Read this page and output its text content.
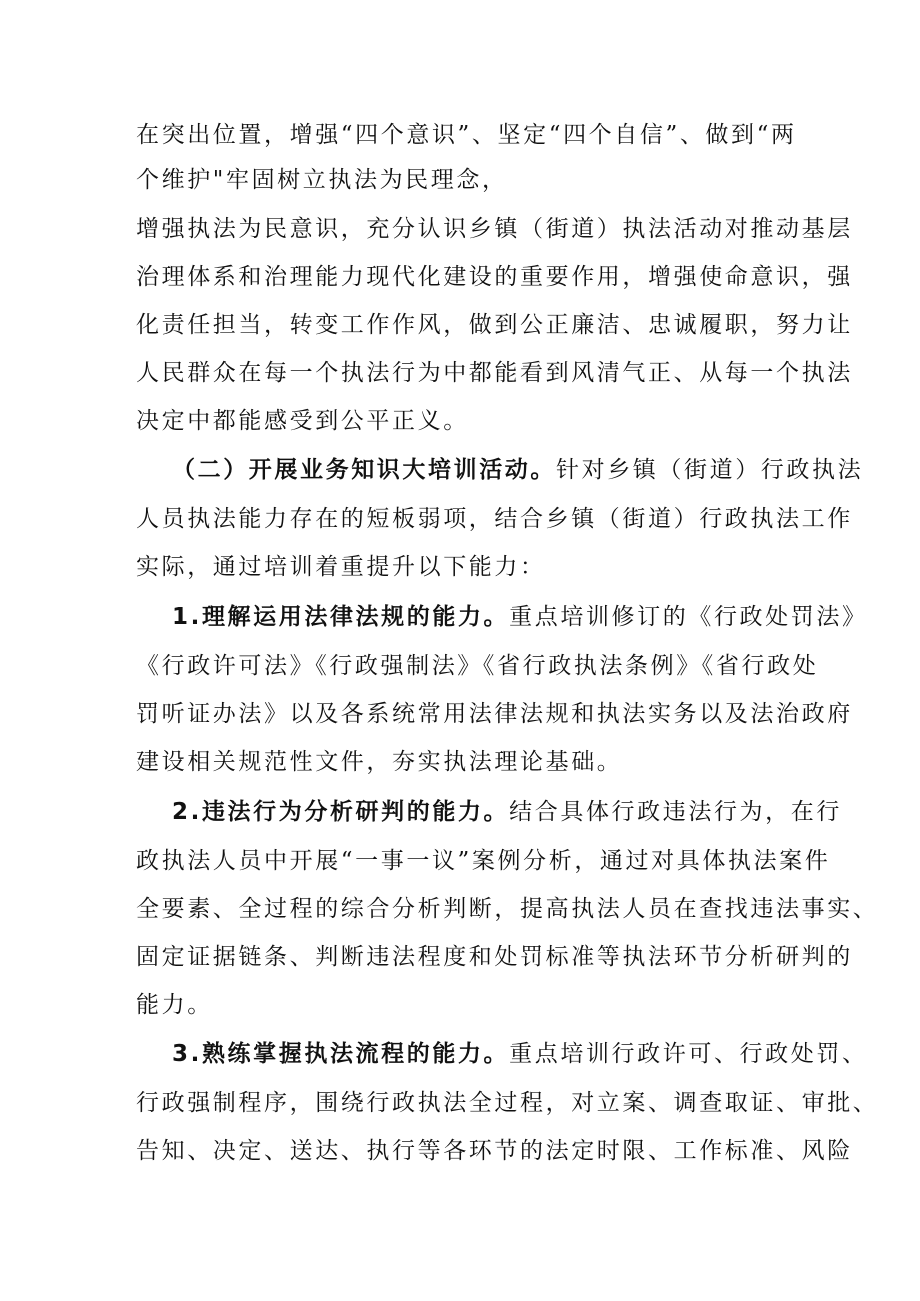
在突出位置，增强“四个意识”、坚定“四个自信”、做到“两
个维护"牢固树立执法为民理念，
增强执法为民意识，充分认识乡镇（街道）执法活动对推动基层
治理体系和治理能力现代化建设的重要作用，增强使命意识，强
化责任担当，转变工作作风，做到公正廉洁、忠诚履职，努力让
人民群众在每一个执法行为中都能看到风清气正、从每一个执法
决定中都能感受到公平正义。
（二）开展业务知识大培训活动。针对乡镇（街道）行政执法
人员执法能力存在的短板弱项，结合乡镇（街道）行政执法工作
实际，通过培训着重提升以下能力：
1.理解运用法律法规的能力。重点培训修订的《行政处罚法》
《行政许可法》《行政强制法》《省行政执法条例》《省行政处
罚听证办法》以及各系统常用法律法规和执法实务以及法治政府
建设相关规范性文件，夯实执法理论基础。
2.违法行为分析研判的能力。结合具体行政违法行为，在行
政执法人员中开展“一事一议”案例分析，通过对具体执法案件
全要素、全过程的综合分析判断，提高执法人员在查找违法事实、
固定证据链条、判断违法程度和处罚标准等执法环节分析研判的
能力。
3.熟练掌握执法流程的能力。重点培训行政许可、行政处罚、
行政强制程序，围绕行政执法全过程，对立案、调查取证、审批、
告知、决定、送达、执行等各环节的法定时限、工作标准、风险
